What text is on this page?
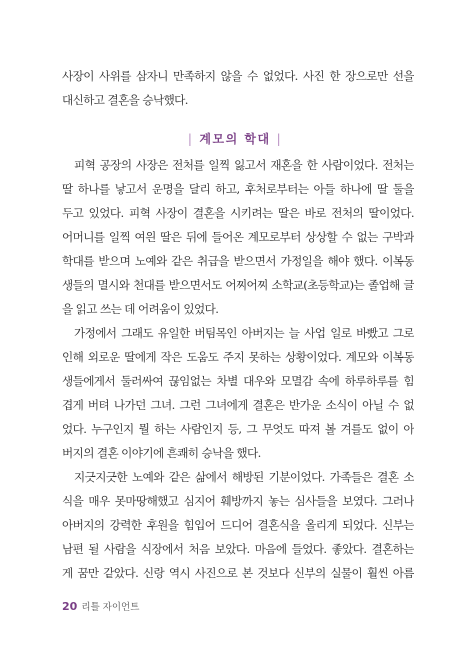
사장이 사위를 삼자니 만족하지 않을 수 없었다. 사진 한 장으로만 선을
대신하고 결혼을 승낙했다.
| 계모의 학대 |
피혁 공장의 사장은 전처를 일찍 잃고서 재혼을 한 사람이었다. 전처는
딸 하나를 낳고서 운명을 달리 하고, 후처로부터는 아들 하나에 딸 둘을
두고 있었다. 피혁 사장이 결혼을 시키려는 딸은 바로 전처의 딸이었다.
어머니를 일찍 여읜 딸은 뒤에 들어온 계모로부터 상상할 수 없는 구박과
학대를 받으며 노예와 같은 취급을 받으면서 가정일을 해야 했다. 이복동
생들의 멸시와 천대를 받으면서도 어찌어찌 소학교(초등학교)는 졸업해 글
을 읽고 쓰는 데 어려움이 있었다.
가정에서 그래도 유일한 버팀목인 아버지는 늘 사업 일로 바빴고 그로
인해 외로운 딸에게 작은 도움도 주지 못하는 상황이었다. 계모와 이복동
생들에게서 둘러싸여 끊임없는 차별 대우와 모멸감 속에 하루하루를 힘
겹게 버텨 나가던 그녀. 그런 그녀에게 결혼은 반가운 소식이 아닐 수 없
었다. 누구인지 뭘 하는 사람인지 등, 그 무엇도 따져 볼 겨를도 없이 아
버지의 결혼 이야기에 흔쾌히 승낙을 했다.
지긋지긋한 노예와 같은 삶에서 해방된 기분이었다. 가족들은 결혼 소
식을 매우 못마땅해했고 심지어 훼방까지 놓는 심사들을 보였다. 그러나
아버지의 강력한 후원을 힘입어 드디어 결혼식을 올리게 되었다. 신부는
남편 될 사람을 식장에서 처음 보았다. 마음에 들었다. 좋았다. 결혼하는
게 꿈만 같았다. 신랑 역시 사진으로 본 것보다 신부의 실물이 훨씬 아름
20 리틀 자이언트
